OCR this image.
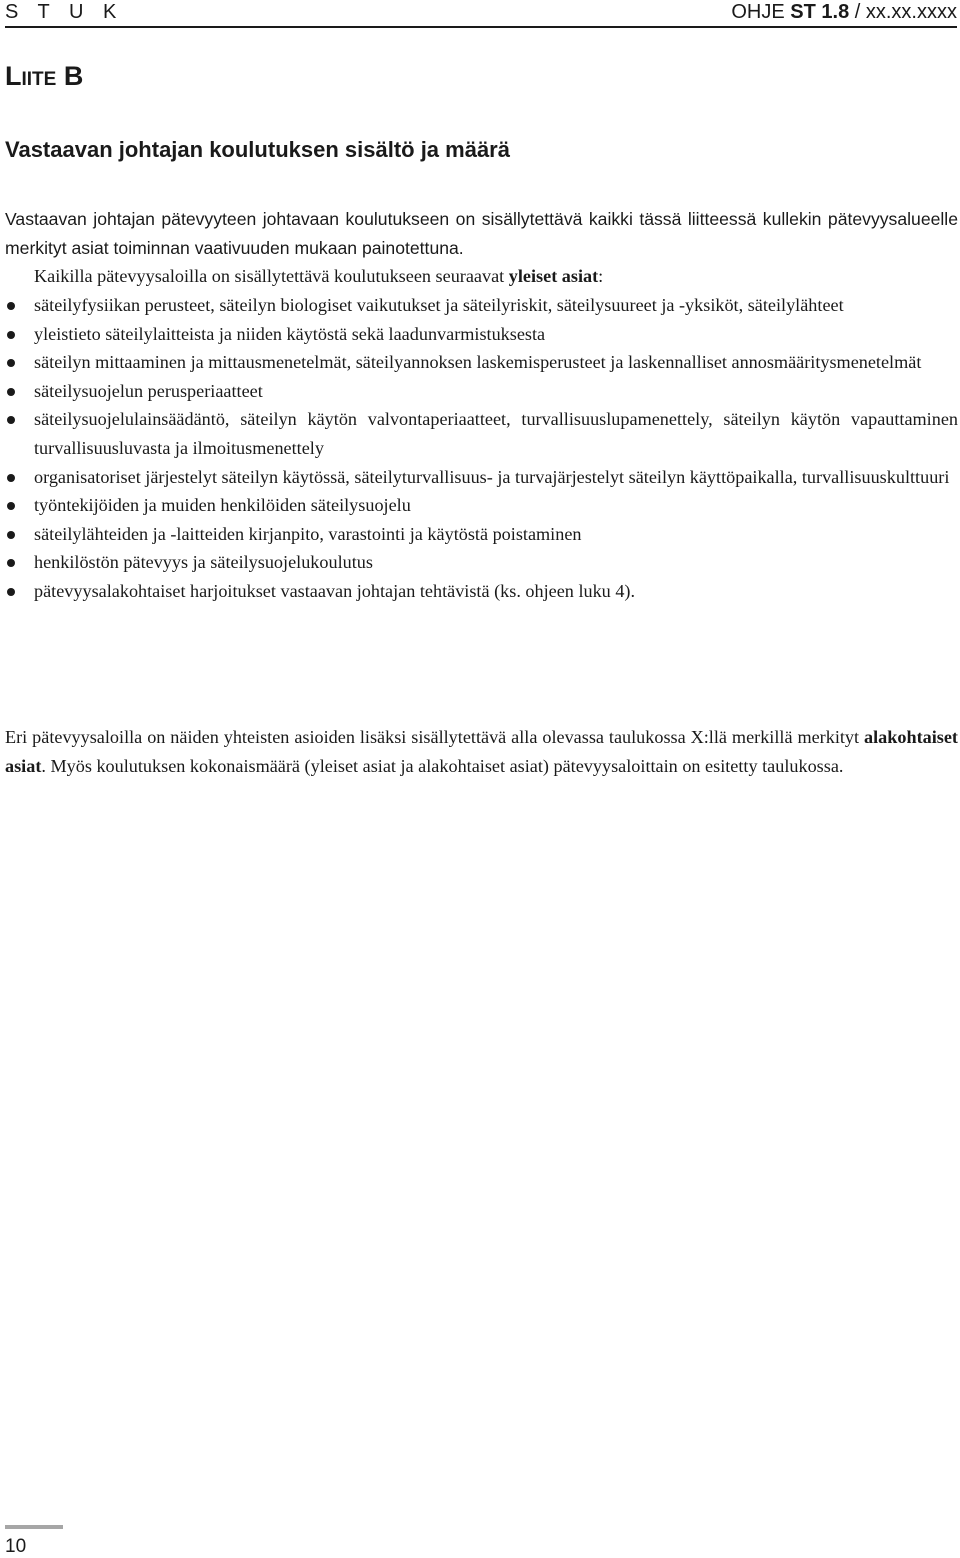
S T U K	OHJE ST 1.8 / xx.xx.xxxx
Liite B
Vastaavan johtajan koulutuksen sisältö ja määrä

Vastaavan johtajan pätevyyteen johtavaan koulutukseen on sisällytettävä kaikki tässä liitteessä kullekin pätevyysalueelle merkityt asiat toiminnan vaativuuden mukaan painotettuna.

Kaikilla pätevyysaloilla on sisällytettävä koulutukseen seuraavat yleiset asiat:

säteilyfysiikan perusteet, säteilyn biologiset vaikutukset ja säteilyriskit, säteilysuureet ja -yksiköt, säteilylähteet
yleistieto säteilylaitteista ja niiden käytöstä sekä laadunvarmistuksesta
säteilyn mittaaminen ja mittausmenetelmät, säteilyannoksen laskemisperusteet ja laskennalliset annosmääritysmenetelmät
säteilysuojelun perusperiaatteet
säteilysuojelulainsäädäntö, säteilyn käytön valvontaperiaatteet, turvallisuuslupamenettely, säteilyn käytön vapauttaminen turvallisuusluvasta ja ilmoitusmenettely
organisatoriset järjestelyt säteilyn käytössä, säteilyturvallisuus- ja turvajärjestelyt säteilyn käyttöpaikalla, turvallisuuskulttuuri
työntekijöiden ja muiden henkilöiden säteilysuojelu
säteilylähteiden ja -laitteiden kirjanpito, varastointi ja käytöstä poistaminen
henkilöstön pätevyys ja säteilysuojelukoulutus
pätevyysalakohtaiset harjoitukset vastaavan johtajan tehtävistä (ks. ohjeen luku 4).

Eri pätevyysaloilla on näiden yhteisten asioiden lisäksi sisällytettävä alla olevassa taulukossa X:llä merkillä merkityt alakohtaiset asiat. Myös koulutuksen kokonaismäärä (yleiset asiat ja alakohtaiset asiat) pätevyysaloittain on esitetty taulukossa.

10
